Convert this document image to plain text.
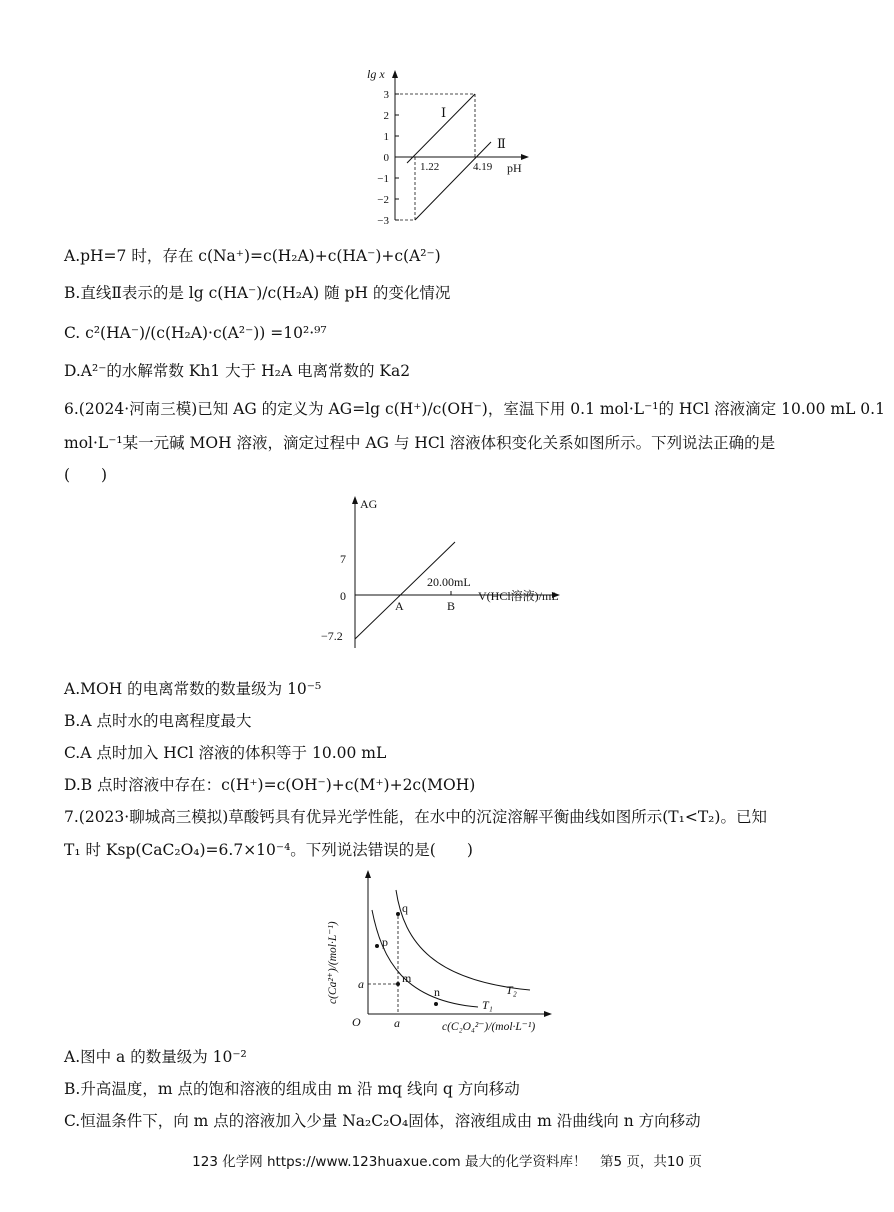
lg x
pH
3
2
1
0
−1
−2
−3
Ⅰ
Ⅱ
1.22	4.19
A.pH=7 时，存在 c(Na⁺)=c(H₂A)+c(HA⁻)+c(A²⁻)
B.直线Ⅱ表示的是 lg c(HA⁻)/c(H₂A) 随 pH 的变化情况
C. c²(HA⁻)/(c(H₂A)·c(A²⁻)) =10²·⁹⁷
D.A²⁻的水解常数 Kh1 大于 H₂A 电离常数的 Ka2
6.(2024·河南三模)已知 AG 的定义为 AG=lg c(H⁺)/c(OH⁻)，室温下用 0.1 mol·L⁻¹的 HCl 溶液滴定 10.00 mL 0.1
mol·L⁻¹某一元碱 MOH 溶液，滴定过程中 AG 与 HCl 溶液体积变化关系如图所示。下列说法正确的是
(　　)
AG
V(HCl溶液)/mL
7
0
−7.2
A	B
20.00mL
A.MOH 的电离常数的数量级为 10⁻⁵
B.A 点时水的电离程度最大
C.A 点时加入 HCl 溶液的体积等于 10.00 mL
D.B 点时溶液中存在：c(H⁺)=c(OH⁻)+c(M⁺)+2c(MOH)
7.(2023·聊城高三模拟)草酸钙具有优异光学性能，在水中的沉淀溶解平衡曲线如图所示(T₁<T₂)。已知
T₁ 时 Ksp(CaC₂O₄)=6.7×10⁻⁴。下列说法错误的是(　　)
c(Ca²⁺)/(mol·L⁻¹)
c(C₂O₄²⁻)/(mol·L⁻¹)
O
a
a
q
p
m
n	T₂
T₁
A.图中 a 的数量级为 10⁻²
B.升高温度，m 点的饱和溶液的组成由 m 沿 mq 线向 q 方向移动
C.恒温条件下，向 m 点的溶液加入少量 Na₂C₂O₄固体，溶液组成由 m 沿曲线向 n 方向移动
123 化学网 https://www.123huaxue.com 最大的化学资料库！　第5 页，共10 页
